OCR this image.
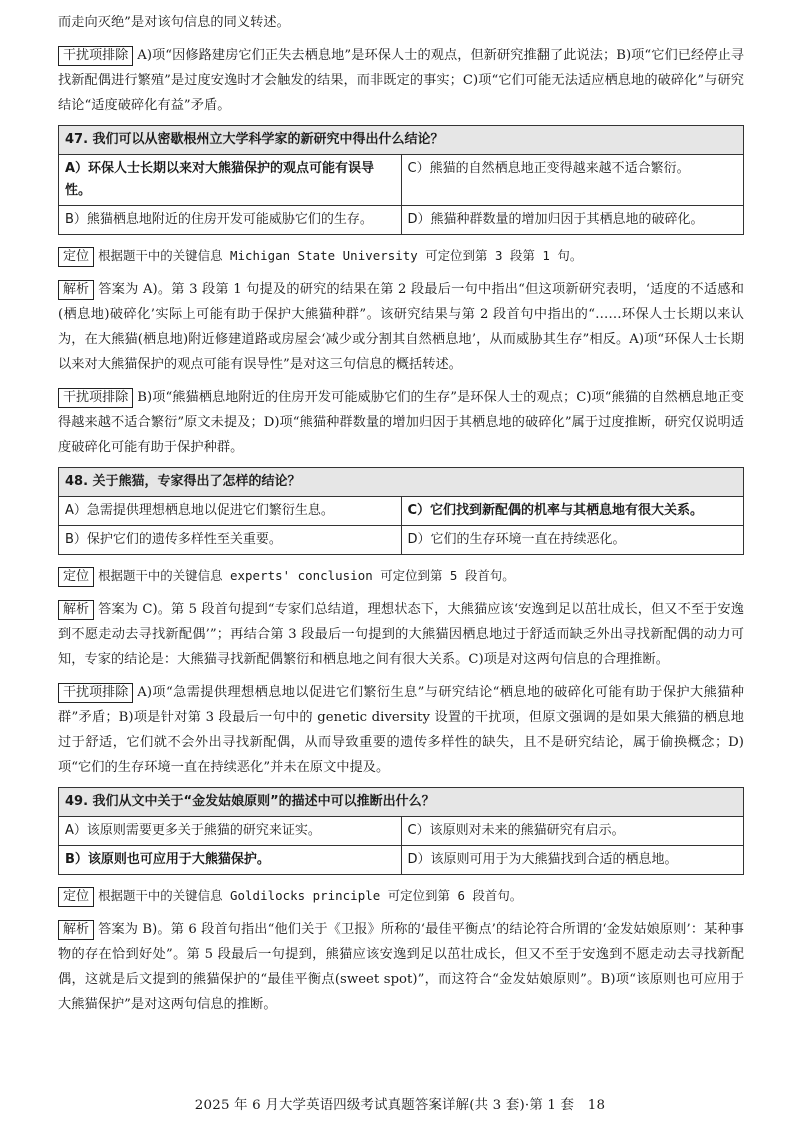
而走向灭绝”是对该句信息的同义转述。

干扰项排除 A)项“因修路建房它们正失去栖息地”是环保人士的观点，但新研究推翻了此说法；B)项“它们已经停止寻找新配偶进行繁殖”是过度安逸时才会触发的结果，而非既定的事实；C)项“它们可能无法适应栖息地的破碎化”与研究结论“适度破碎化有益”矛盾。

47. 我们可以从密歇根州立大学科学家的新研究中得出什么结论？	
A）环保人士长期以来对大熊猫保护的观点可能有误导性。	C）熊猫的自然栖息地正变得越来越不适合繁衍。
B）熊猫栖息地附近的住房开发可能威胁它们的生存。	D）熊猫种群数量的增加归因于其栖息地的破碎化。

定位 根据题干中的关键信息 Michigan State University 可定位到第 3 段第 1 句。

解析 答案为 A)。第 3 段第 1 句提及的研究的结果在第 2 段最后一句中指出“但这项新研究表明，‘适度的不适感和(栖息地)破碎化’实际上可能有助于保护大熊猫种群”。该研究结果与第 2 段首句中指出的“……环保人士长期以来认为，在大熊猫(栖息地)附近修建道路或房屋会‘减少或分割其自然栖息地’，从而威胁其生存”相反。A)项“环保人士长期以来对大熊猫保护的观点可能有误导性”是对这三句信息的概括转述。

干扰项排除 B)项“熊猫栖息地附近的住房开发可能威胁它们的生存”是环保人士的观点；C)项“熊猫的自然栖息地正变得越来越不适合繁衍”原文未提及；D)项“熊猫种群数量的增加归因于其栖息地的破碎化”属于过度推断，研究仅说明适度破碎化可能有助于保护种群。

48. 关于熊猫，专家得出了怎样的结论？	
A）急需提供理想栖息地以促进它们繁衍生息。	C）它们找到新配偶的机率与其栖息地有很大关系。
B）保护它们的遗传多样性至关重要。	D）它们的生存环境一直在持续恶化。

定位 根据题干中的关键信息 experts' conclusion 可定位到第 5 段首句。

解析 答案为 C)。第 5 段首句提到“专家们总结道，理想状态下，大熊猫应该‘安逸到足以茁壮成长，但又不至于安逸到不愿走动去寻找新配偶’”；再结合第 3 段最后一句提到的大熊猫因栖息地过于舒适而缺乏外出寻找新配偶的动力可知，专家的结论是：大熊猫寻找新配偶繁衍和栖息地之间有很大关系。C)项是对这两句信息的合理推断。

干扰项排除 A)项“急需提供理想栖息地以促进它们繁衍生息”与研究结论“栖息地的破碎化可能有助于保护大熊猫种群”矛盾；B)项是针对第 3 段最后一句中的 genetic diversity 设置的干扰项，但原文强调的是如果大熊猫的栖息地过于舒适，它们就不会外出寻找新配偶，从而导致重要的遗传多样性的缺失，且不是研究结论，属于偷换概念；D)项“它们的生存环境一直在持续恶化”并未在原文中提及。

49. 我们从文中关于“金发姑娘原则”的描述中可以推断出什么？	
A）该原则需要更多关于熊猫的研究来证实。	C）该原则对未来的熊猫研究有启示。
B）该原则也可应用于大熊猫保护。	D）该原则可用于为大熊猫找到合适的栖息地。

定位 根据题干中的关键信息 Goldilocks principle 可定位到第 6 段首句。

解析 答案为 B)。第 6 段首句指出“他们关于《卫报》所称的‘最佳平衡点’的结论符合所谓的‘金发姑娘原则’：某种事物的存在恰到好处”。第 5 段最后一句提到，熊猫应该安逸到足以茁壮成长，但又不至于安逸到不愿走动去寻找新配偶，这就是后文提到的熊猫保护的“最佳平衡点(sweet spot)”，而这符合“金发姑娘原则”。B)项“该原则也可应用于大熊猫保护”是对这两句信息的推断。

2025 年 6 月大学英语四级考试真题答案详解(共 3 套)·第 1 套　18
